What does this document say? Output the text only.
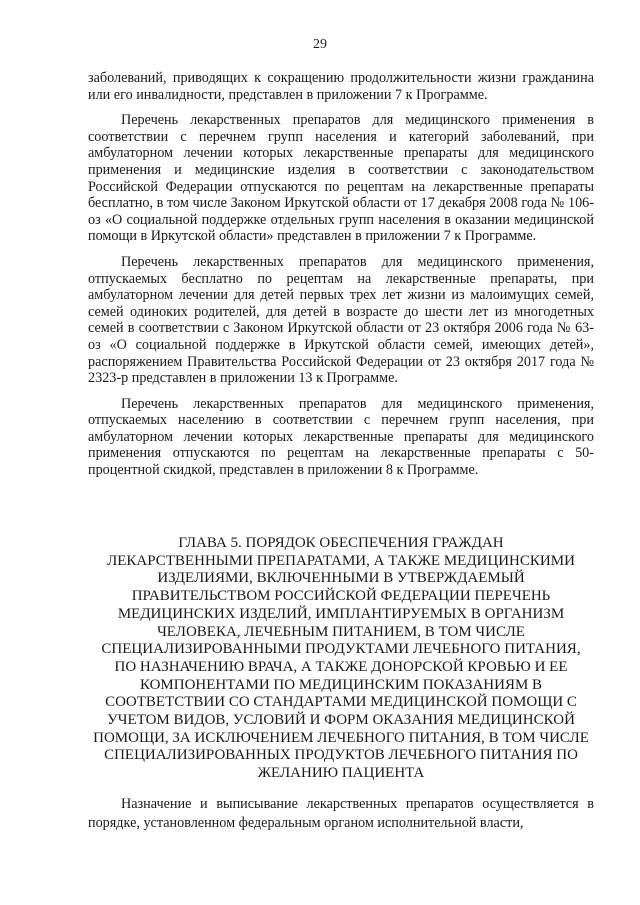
29

заболеваний, приводящих к сокращению продолжительности жизни гражданина или его инвалидности, представлен в приложении 7 к Программе.

Перечень лекарственных препаратов для медицинского применения в соответствии с перечнем групп населения и категорий заболеваний, при амбулаторном лечении которых лекарственные препараты для медицинского применения и медицинские изделия в соответствии с законодательством Российской Федерации отпускаются по рецептам на лекарственные препараты бесплатно, в том числе Законом Иркутской области от 17 декабря 2008 года № 106-оз «О социальной поддержке отдельных групп населения в оказании медицинской помощи в Иркутской области» представлен в приложении 7 к Программе.

Перечень лекарственных препаратов для медицинского применения, отпускаемых бесплатно по рецептам на лекарственные препараты, при амбулаторном лечении для детей первых трех лет жизни из малоимущих семей, семей одиноких родителей, для детей в возрасте до шести лет из многодетных семей в соответствии с Законом Иркутской области от 23 октября 2006 года № 63-оз «О социальной поддержке в Иркутской области семей, имеющих детей», распоряжением Правительства Российской Федерации от 23 октября 2017 года № 2323-р представлен в приложении 13 к Программе.

Перечень лекарственных препаратов для медицинского применения, отпускаемых населению в соответствии с перечнем групп населения, при амбулаторном лечении которых лекарственные препараты для медицинского применения отпускаются по рецептам на лекарственные препараты с 50-процентной скидкой, представлен в приложении 8 к Программе.

ГЛАВА 5. ПОРЯДОК ОБЕСПЕЧЕНИЯ ГРАЖДАН
ЛЕКАРСТВЕННЫМИ ПРЕПАРАТАМИ, А ТАКЖЕ МЕДИЦИНСКИМИ
ИЗДЕЛИЯМИ, ВКЛЮЧЕННЫМИ В УТВЕРЖДАЕМЫЙ
ПРАВИТЕЛЬСТВОМ РОССИЙСКОЙ ФЕДЕРАЦИИ ПЕРЕЧЕНЬ
МЕДИЦИНСКИХ ИЗДЕЛИЙ, ИМПЛАНТИРУЕМЫХ В ОРГАНИЗМ
ЧЕЛОВЕКА, ЛЕЧЕБНЫМ ПИТАНИЕМ, В ТОМ ЧИСЛЕ
СПЕЦИАЛИЗИРОВАННЫМИ ПРОДУКТАМИ ЛЕЧЕБНОГО ПИТАНИЯ,
ПО НАЗНАЧЕНИЮ ВРАЧА, А ТАКЖЕ ДОНОРСКОЙ КРОВЬЮ И ЕЕ
КОМПОНЕНТАМИ ПО МЕДИЦИНСКИМ ПОКАЗАНИЯМ В
СООТВЕТСТВИИ СО СТАНДАРТАМИ МЕДИЦИНСКОЙ ПОМОЩИ С
УЧЕТОМ ВИДОВ, УСЛОВИЙ И ФОРМ ОКАЗАНИЯ МЕДИЦИНСКОЙ
ПОМОЩИ, ЗА ИСКЛЮЧЕНИЕМ ЛЕЧЕБНОГО ПИТАНИЯ, В ТОМ ЧИСЛЕ
СПЕЦИАЛИЗИРОВАННЫХ ПРОДУКТОВ ЛЕЧЕБНОГО ПИТАНИЯ ПО
ЖЕЛАНИЮ ПАЦИЕНТА

Назначение и выписывание лекарственных препаратов осуществляется в порядке, установленном федеральным органом исполнительной власти,
